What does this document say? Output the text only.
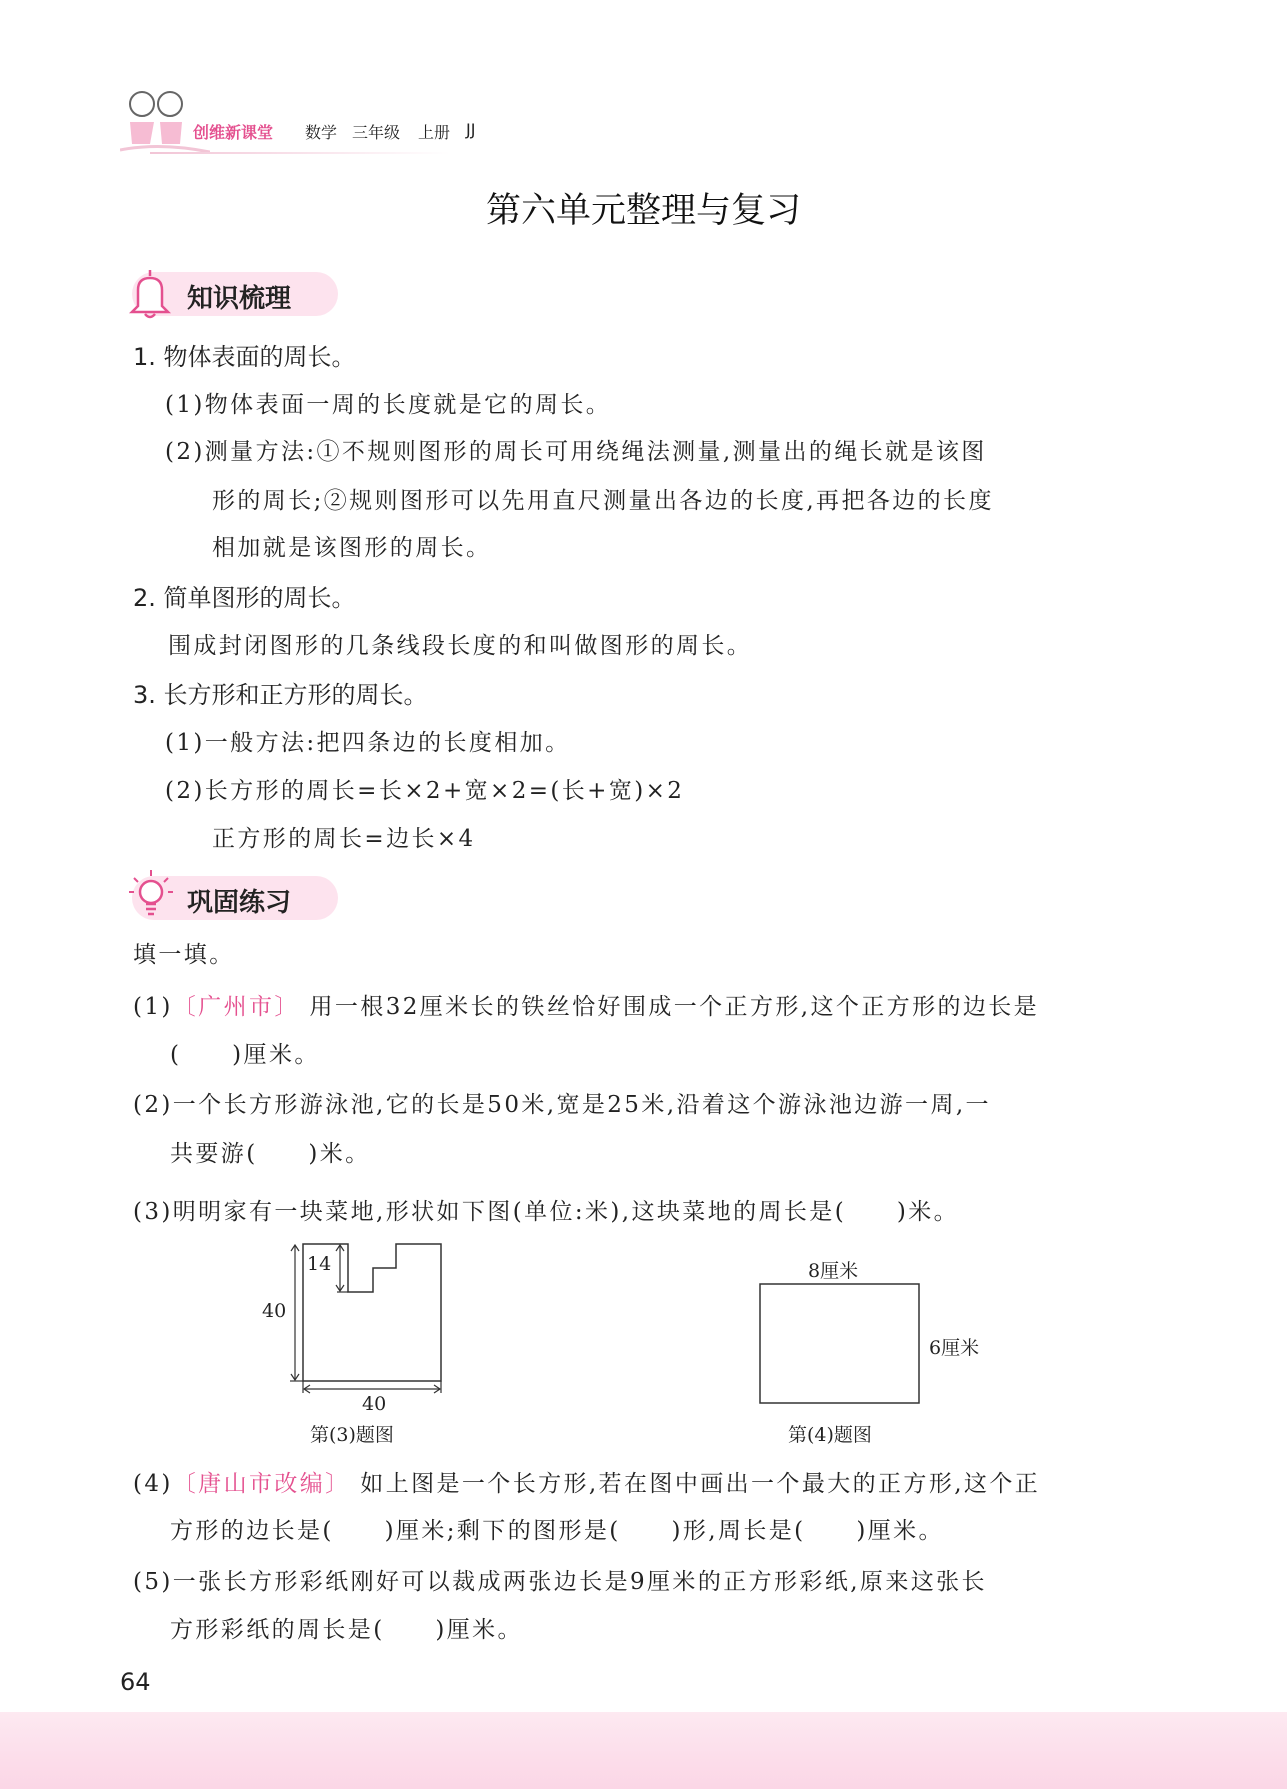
创维新课堂 数学 三年级 上册 JJ
第六单元整理与复习
知识梳理
1. 物体表面的周长。
(1)物体表面一周的长度就是它的周长。
(2)测量方法:①不规则图形的周长可用绕绳法测量,测量出的绳长就是该图
形的周长;②规则图形可以先用直尺测量出各边的长度,再把各边的长度
相加就是该图形的周长。
2. 简单图形的周长。
围成封闭图形的几条线段长度的和叫做图形的周长。
3. 长方形和正方形的周长。
(1)一般方法:把四条边的长度相加。
(2)长方形的周长=长×2+宽×2=(长+宽)×2
正方形的周长=边长×4
巩固练习
填一填。
(1)〔广州市〕 用一根32厘米长的铁丝恰好围成一个正方形,这个正方形的边长是
(　　)厘米。
(2)一个长方形游泳池,它的长是50米,宽是25米,沿着这个游泳池边游一周,一
共要游(　　)米。
(3)明明家有一块菜地,形状如下图(单位:米),这块菜地的周长是(　　)米。
40
14
40
第(3)题图
8厘米
6厘米
第(4)题图
(4)〔唐山市改编〕 如上图是一个长方形,若在图中画出一个最大的正方形,这个正
方形的边长是(　　)厘米;剩下的图形是(　　)形,周长是(　　)厘米。
(5)一张长方形彩纸刚好可以裁成两张边长是9厘米的正方形彩纸,原来这张长
方形彩纸的周长是(　　)厘米。
64
